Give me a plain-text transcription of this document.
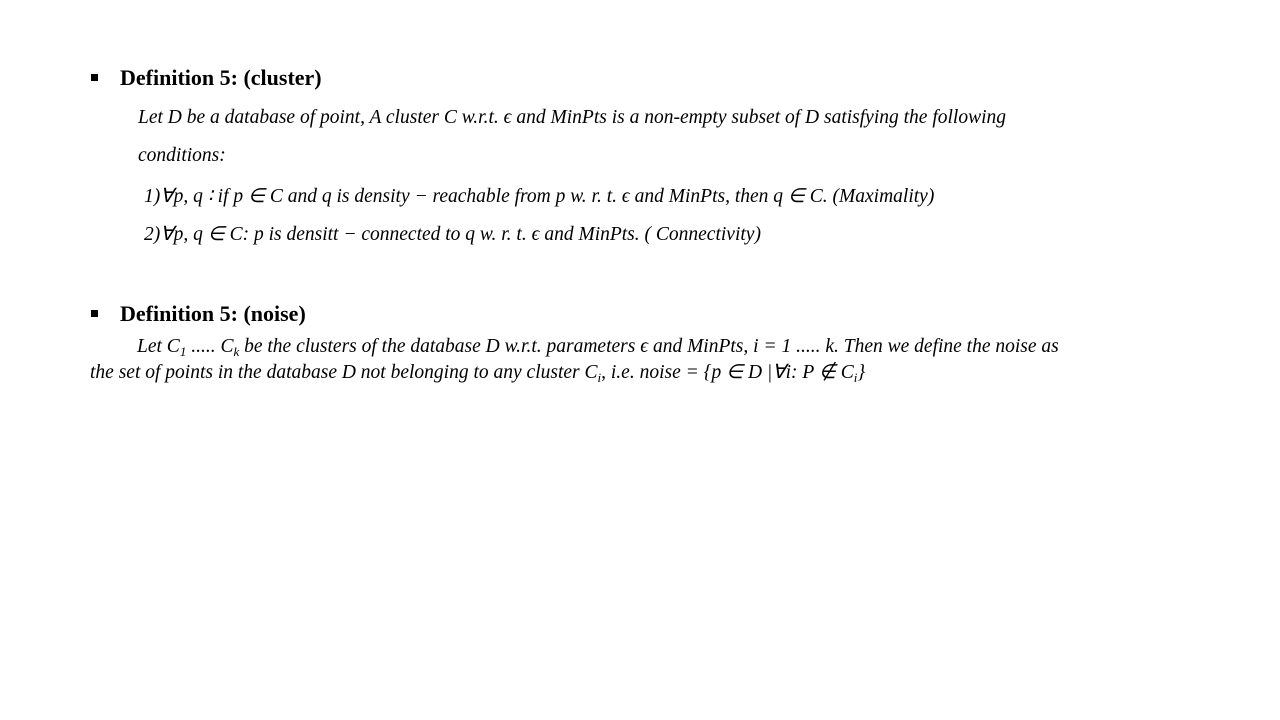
Definition 5: (cluster)
Let D be a database of point, A cluster C w.r.t. ϵ and MinPts is a non-empty subset of D satisfying the following
conditions:
1)∀p, q ∶ if p ∈ C and q is density − reachable from p w. r. t. ϵ and MinPts, then q ∈ C. (Maximality)
2)∀p, q ∈ C: p is densitt − connected to q w. r. t. ϵ and MinPts. ( Connectivity)
Definition 5: (noise)
Let $C_1$ ..... $C_k$ be the clusters of the database D w.r.t. parameters ϵ and MinPts, i = 1 ..... k. Then we define the noise as
the set of points in the database D not belonging to any cluster $C_i$, i.e. noise = {p ∈ D |∀i: P ∉ $C_i$}
